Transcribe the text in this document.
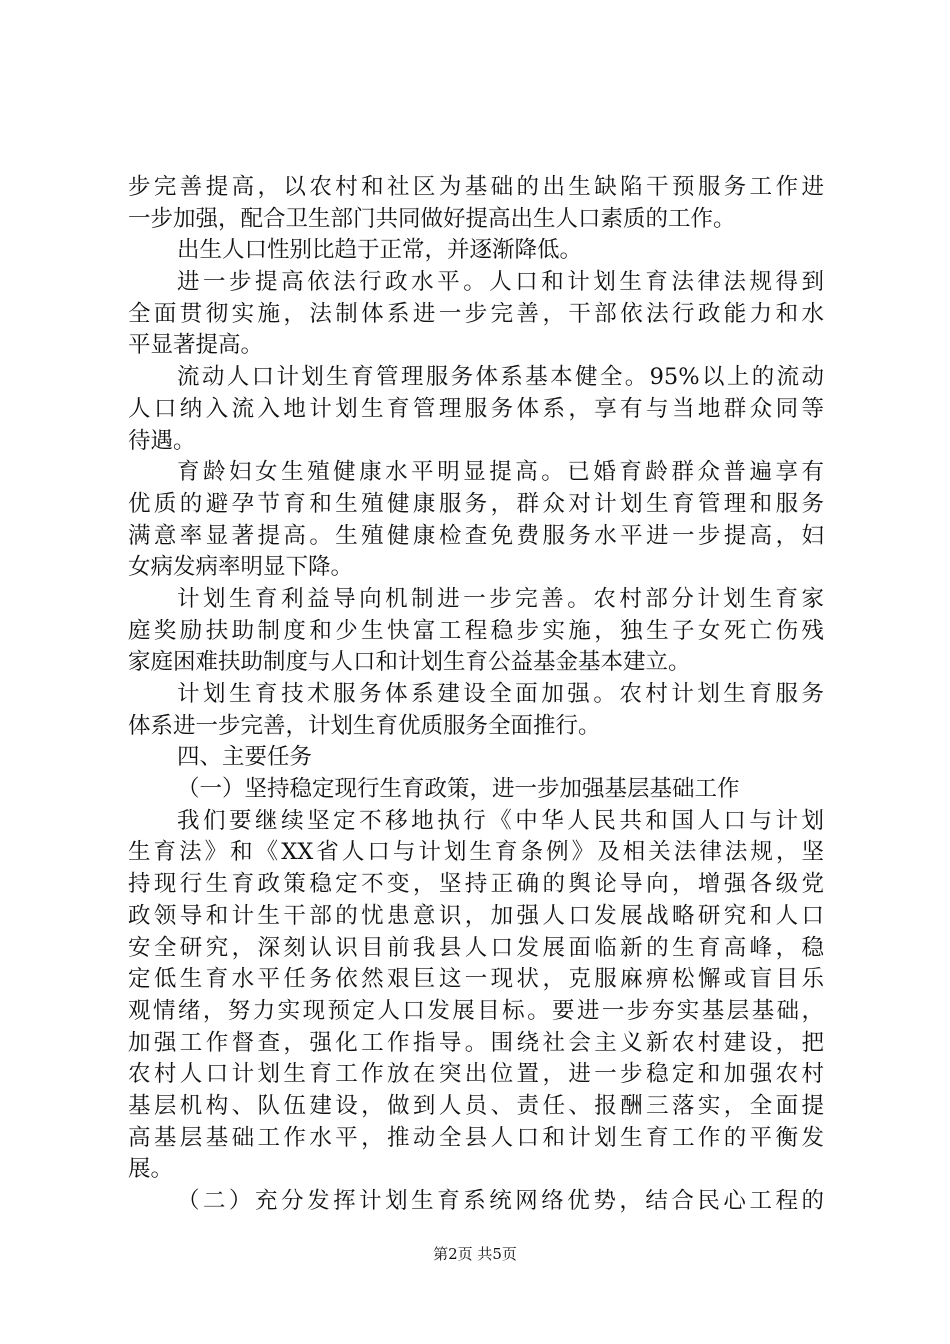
步完善提高，以农村和社区为基础的出生缺陷干预服务工作进
一步加强，配合卫生部门共同做好提高出生人口素质的工作。
出生人口性别比趋于正常，并逐渐降低。
进一步提高依法行政水平。人口和计划生育法律法规得到
全面贯彻实施，法制体系进一步完善，干部依法行政能力和水
平显著提高。
流动人口计划生育管理服务体系基本健全。95%以上的流动
人口纳入流入地计划生育管理服务体系，享有与当地群众同等
待遇。
育龄妇女生殖健康水平明显提高。已婚育龄群众普遍享有
优质的避孕节育和生殖健康服务，群众对计划生育管理和服务
满意率显著提高。生殖健康检查免费服务水平进一步提高，妇
女病发病率明显下降。
计划生育利益导向机制进一步完善。农村部分计划生育家
庭奖励扶助制度和少生快富工程稳步实施，独生子女死亡伤残
家庭困难扶助制度与人口和计划生育公益基金基本建立。
计划生育技术服务体系建设全面加强。农村计划生育服务
体系进一步完善，计划生育优质服务全面推行。
四、主要任务
（一）坚持稳定现行生育政策，进一步加强基层基础工作
我们要继续坚定不移地执行《中华人民共和国人口与计划
生育法》和《XX省人口与计划生育条例》及相关法律法规，坚
持现行生育政策稳定不变，坚持正确的舆论导向，增强各级党
政领导和计生干部的忧患意识，加强人口发展战略研究和人口
安全研究，深刻认识目前我县人口发展面临新的生育高峰，稳
定低生育水平任务依然艰巨这一现状，克服麻痹松懈或盲目乐
观情绪，努力实现预定人口发展目标。要进一步夯实基层基础，
加强工作督查，强化工作指导。围绕社会主义新农村建设，把
农村人口计划生育工作放在突出位置，进一步稳定和加强农村
基层机构、队伍建设，做到人员、责任、报酬三落实，全面提
高基层基础工作水平，推动全县人口和计划生育工作的平衡发
展。
（二）充分发挥计划生育系统网络优势，结合民心工程的
第2页 共5页
